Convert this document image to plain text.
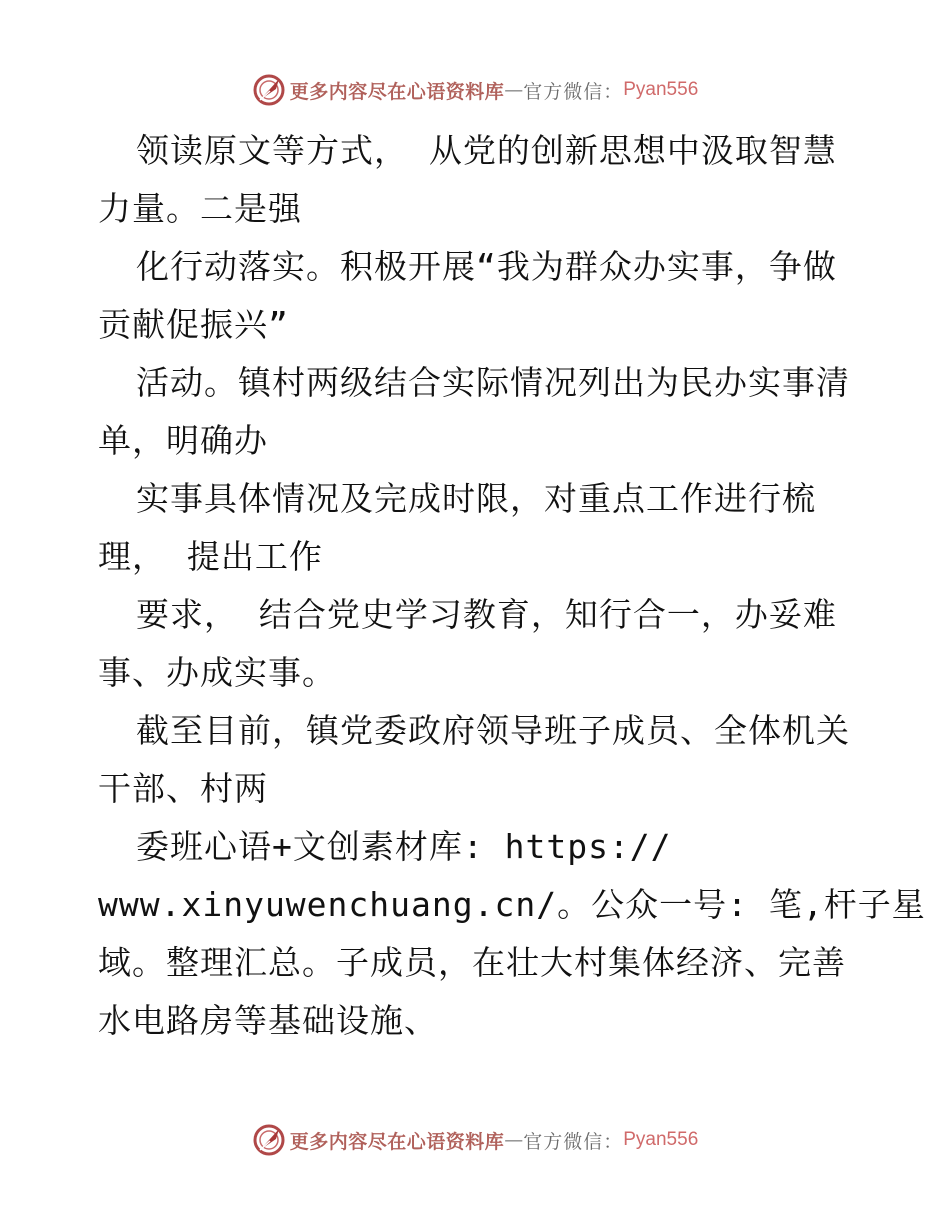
更多内容尽在心语资料库 — 官方微信： Pyan556
领读原文等方式， 从党的创新思想中汲取智慧
力量。二是强
化行动落实。积极开展“我为群众办实事，争做
贡献促振兴”
活动。镇村两级结合实际情况列出为民办实事清
单，明确办
实事具体情况及完成时限，对重点工作进行梳
理， 提出工作
要求， 结合党史学习教育，知行合一，办妥难
事、办成实事。
截至目前，镇党委政府领导班子成员、全体机关
干部、村两
委班心语+文创素材库: https://
www.xinyuwenchuang.cn/。公众一号: 笔,杆子星
域。整理汇总。子成员，在壮大村集体经济、完善
水电路房等基础设施、
更多内容尽在心语资料库 — 官方微信： Pyan556
